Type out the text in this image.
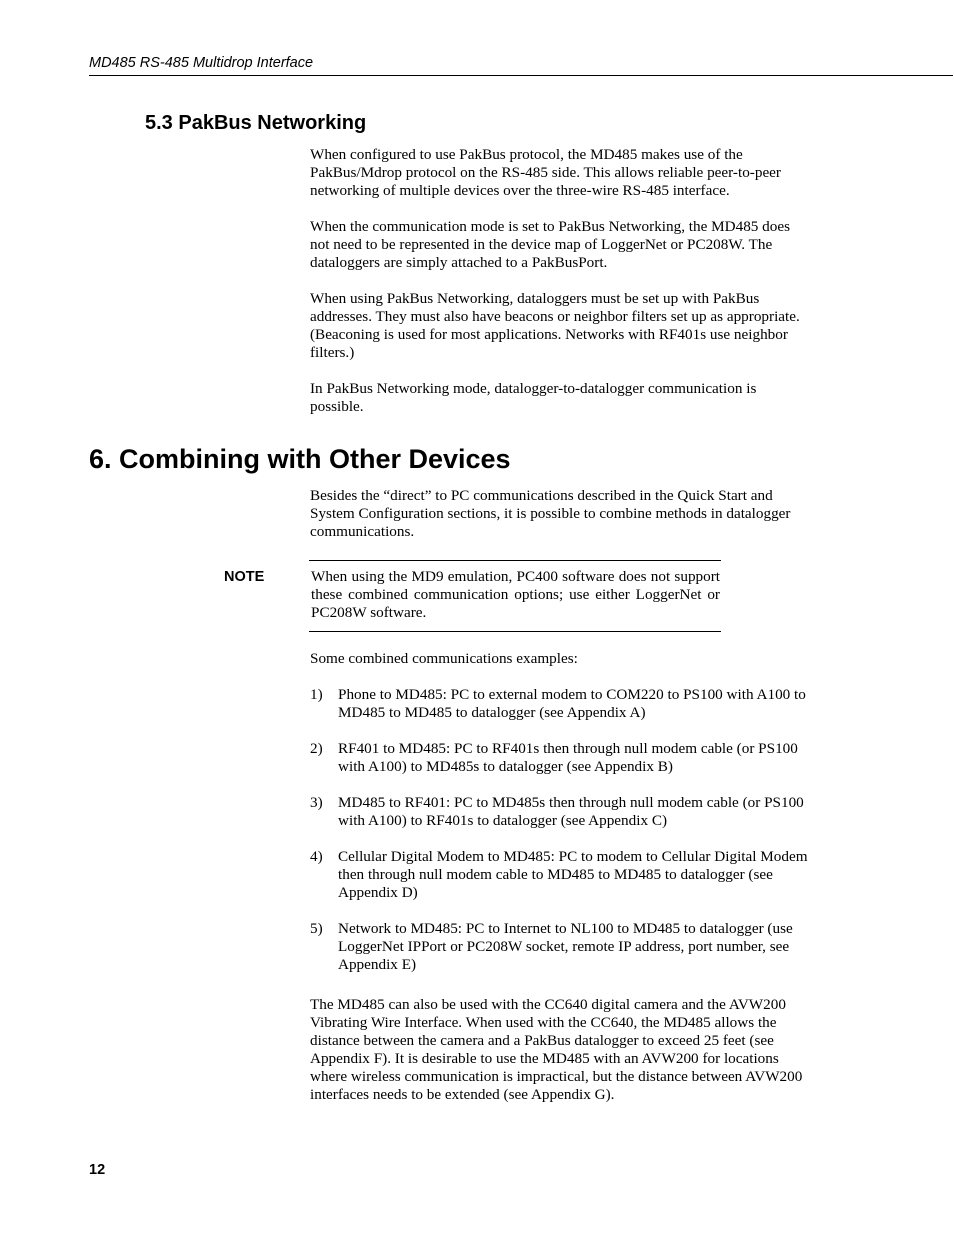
MD485 RS-485 Multidrop Interface
5.3 PakBus Networking

When configured to use PakBus protocol, the MD485 makes use of the PakBus/Mdrop protocol on the RS-485 side. This allows reliable peer-to-peer networking of multiple devices over the three-wire RS-485 interface.

When the communication mode is set to PakBus Networking, the MD485 does not need to be represented in the device map of LoggerNet or PC208W. The dataloggers are simply attached to a PakBusPort.

When using PakBus Networking, dataloggers must be set up with PakBus addresses. They must also have beacons or neighbor filters set up as appropriate. (Beaconing is used for most applications. Networks with RF401s use neighbor filters.)

In PakBus Networking mode, datalogger-to-datalogger communication is possible.

6. Combining with Other Devices

Besides the “direct” to PC communications described in the Quick Start and System Configuration sections, it is possible to combine methods in datalogger communications.

NOTE	When using the MD9 emulation, PC400 software does not support these combined communication options; use either LoggerNet or PC208W software.
Some combined communications examples:
1)	Phone to MD485: PC to external modem to COM220 to PS100 with A100 to MD485 to MD485 to datalogger (see Appendix A)
2)	RF401 to MD485: PC to RF401s then through null modem cable (or PS100 with A100) to MD485s to datalogger (see Appendix B)
3)	MD485 to RF401: PC to MD485s then through null modem cable (or PS100 with A100) to RF401s to datalogger (see Appendix C)
4)	Cellular Digital Modem to MD485: PC to modem to Cellular Digital Modem then through null modem cable to MD485 to MD485 to datalogger (see Appendix D)
5)	Network to MD485: PC to Internet to NL100 to MD485 to datalogger (use LoggerNet IPPort or PC208W socket, remote IP address, port number, see Appendix E)

The MD485 can also be used with the CC640 digital camera and the AVW200 Vibrating Wire Interface. When used with the CC640, the MD485 allows the distance between the camera and a PakBus datalogger to exceed 25 feet (see Appendix F). It is desirable to use the MD485 with an AVW200 for locations where wireless communication is impractical, but the distance between AVW200 interfaces needs to be extended (see Appendix G).

12
